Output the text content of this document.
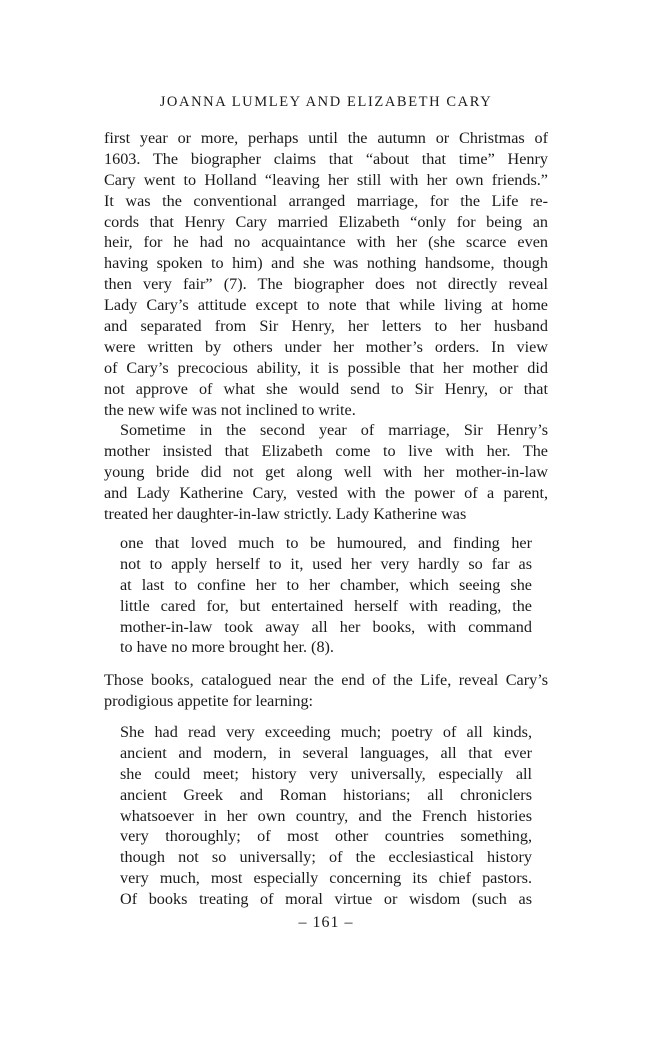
JOANNA LUMLEY AND ELIZABETH CARY
first year or more, perhaps until the autumn or Christmas of
1603. The biographer claims that “about that time” Henry
Cary went to Holland “leaving her still with her own friends.”
It was the conventional arranged marriage, for the Life re-
cords that Henry Cary married Elizabeth “only for being an
heir, for he had no acquaintance with her (she scarce even
having spoken to him) and she was nothing handsome, though
then very fair” (7). The biographer does not directly reveal
Lady Cary’s attitude except to note that while living at home
and separated from Sir Henry, her letters to her husband
were written by others under her mother’s orders. In view
of Cary’s precocious ability, it is possible that her mother did
not approve of what she would send to Sir Henry, or that
the new wife was not inclined to write.
Sometime in the second year of marriage, Sir Henry’s
mother insisted that Elizabeth come to live with her. The
young bride did not get along well with her mother-in-law
and Lady Katherine Cary, vested with the power of a parent,
treated her daughter-in-law strictly. Lady Katherine was
one that loved much to be humoured, and finding her
not to apply herself to it, used her very hardly so far as
at last to confine her to her chamber, which seeing she
little cared for, but entertained herself with reading, the
mother-in-law took away all her books, with command
to have no more brought her. (8).
Those books, catalogued near the end of the Life, reveal Cary’s
prodigious appetite for learning:
She had read very exceeding much; poetry of all kinds,
ancient and modern, in several languages, all that ever
she could meet; history very universally, especially all
ancient Greek and Roman historians; all chroniclers
whatsoever in her own country, and the French histories
very thoroughly; of most other countries something,
though not so universally; of the ecclesiastical history
very much, most especially concerning its chief pastors.
Of books treating of moral virtue or wisdom (such as
– 161 –
